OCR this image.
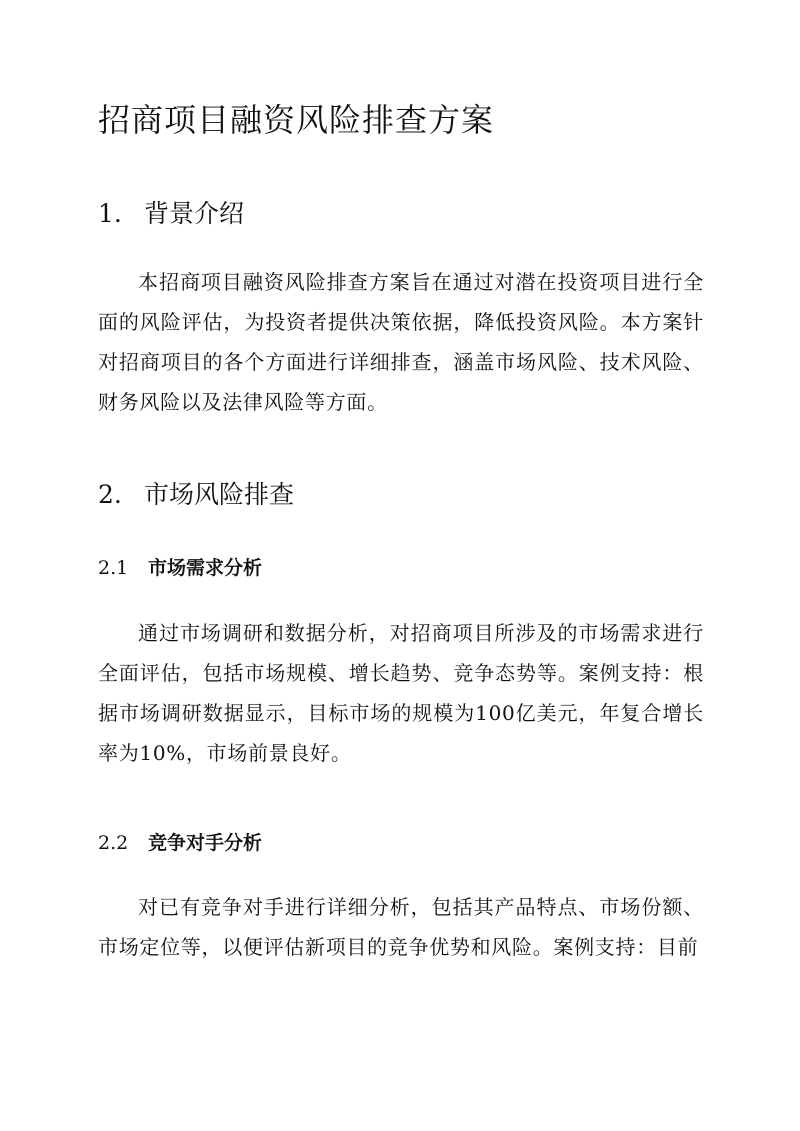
招商项目融资风险排查方案
1. 背景介绍

本招商项目融资风险排查方案旨在通过对潜在投资项目进行全面的风险评估，为投资者提供决策依据，降低投资风险。本方案针对招商项目的各个方面进行详细排查，涵盖市场风险、技术风险、财务风险以及法律风险等方面。

2. 市场风险排查
2.1 市场需求分析

通过市场调研和数据分析，对招商项目所涉及的市场需求进行全面评估，包括市场规模、增长趋势、竞争态势等。案例支持：根据市场调研数据显示，目标市场的规模为100亿美元，年复合增长率为10%，市场前景良好。

2.2 竞争对手分析

对已有竞争对手进行详细分析，包括其产品特点、市场份额、市场定位等，以便评估新项目的竞争优势和风险。案例支持：目前
